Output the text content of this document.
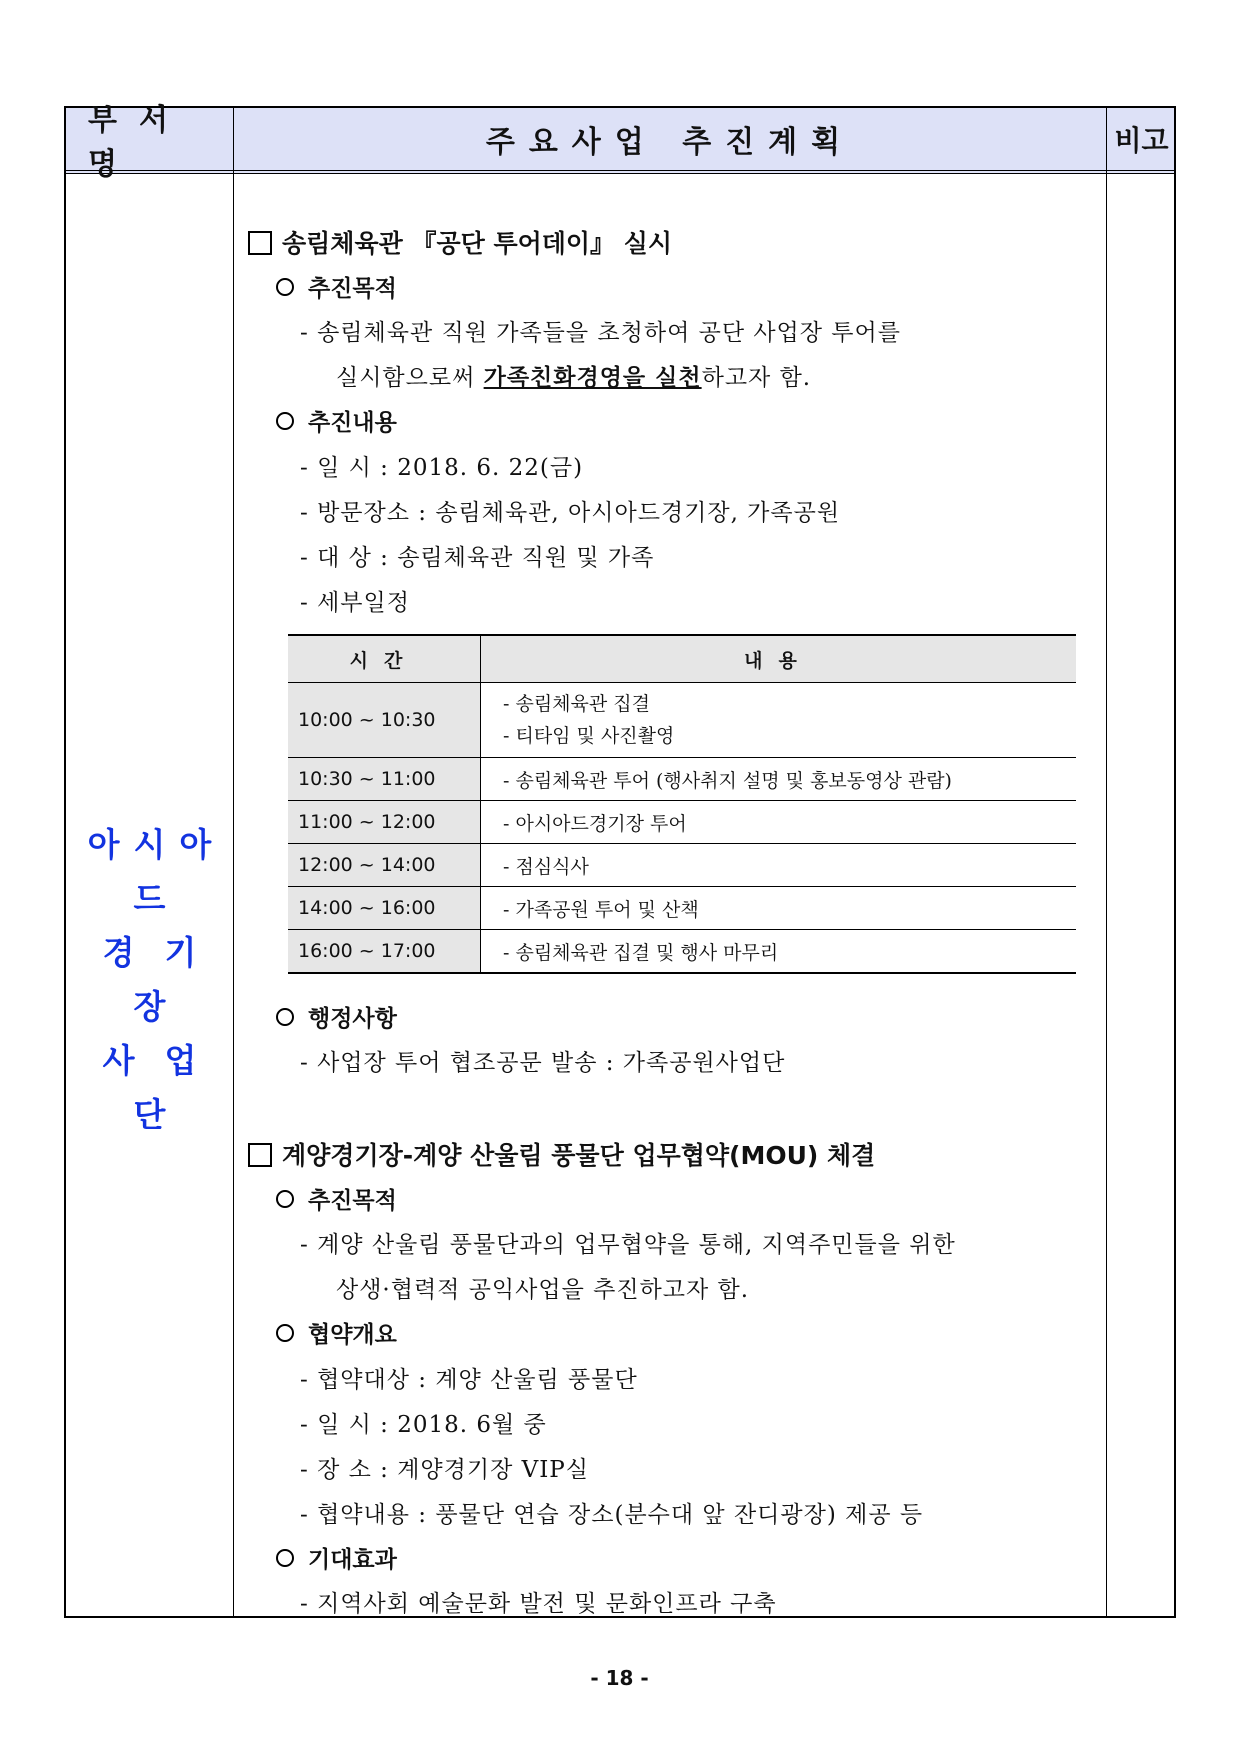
부서명
주요사업 추진계획	비고
아시아드
경기장
사업단
송림체육관 『공단 투어데이』 실시
추진목적
- 송림체육관 직원 가족들을 초청하여 공단 사업장 투어를
실시함으로써 가족친화경영을 실천하고자 함.
추진내용
- 일 시 : 2018. 6. 22(금)
- 방문장소 : 송림체육관, 아시아드경기장, 가족공원
- 대 상 : 송림체육관 직원 및 가족
- 세부일정
시간	내용
10:00 ~ 10:30	- 송림체육관 집결
- 티타임 및 사진촬영

10:30 ~ 11:00	- 송림체육관 투어 (행사취지 설명 및 홍보동영상 관람)
11:00 ~ 12:00	- 아시아드경기장 투어
12:00 ~ 14:00	- 점심식사
14:00 ~ 16:00	- 가족공원 투어 및 산책
16:00 ~ 17:00	- 송림체육관 집결 및 행사 마무리
행정사항
- 사업장 투어 협조공문 발송 : 가족공원사업단
계양경기장-계양 산울림 풍물단 업무협약(MOU) 체결
추진목적
- 계양 산울림 풍물단과의 업무협약을 통해, 지역주민들을 위한
상생·협력적 공익사업을 추진하고자 함.
협약개요
- 협약대상 : 계양 산울림 풍물단
- 일 시 : 2018. 6월 중
- 장 소 : 계양경기장 VIP실
- 협약내용 : 풍물단 연습 장소(분수대 앞 잔디광장) 제공 등
기대효과
- 지역사회 예술문화 발전 및 문화인프라 구축
- 18 -
